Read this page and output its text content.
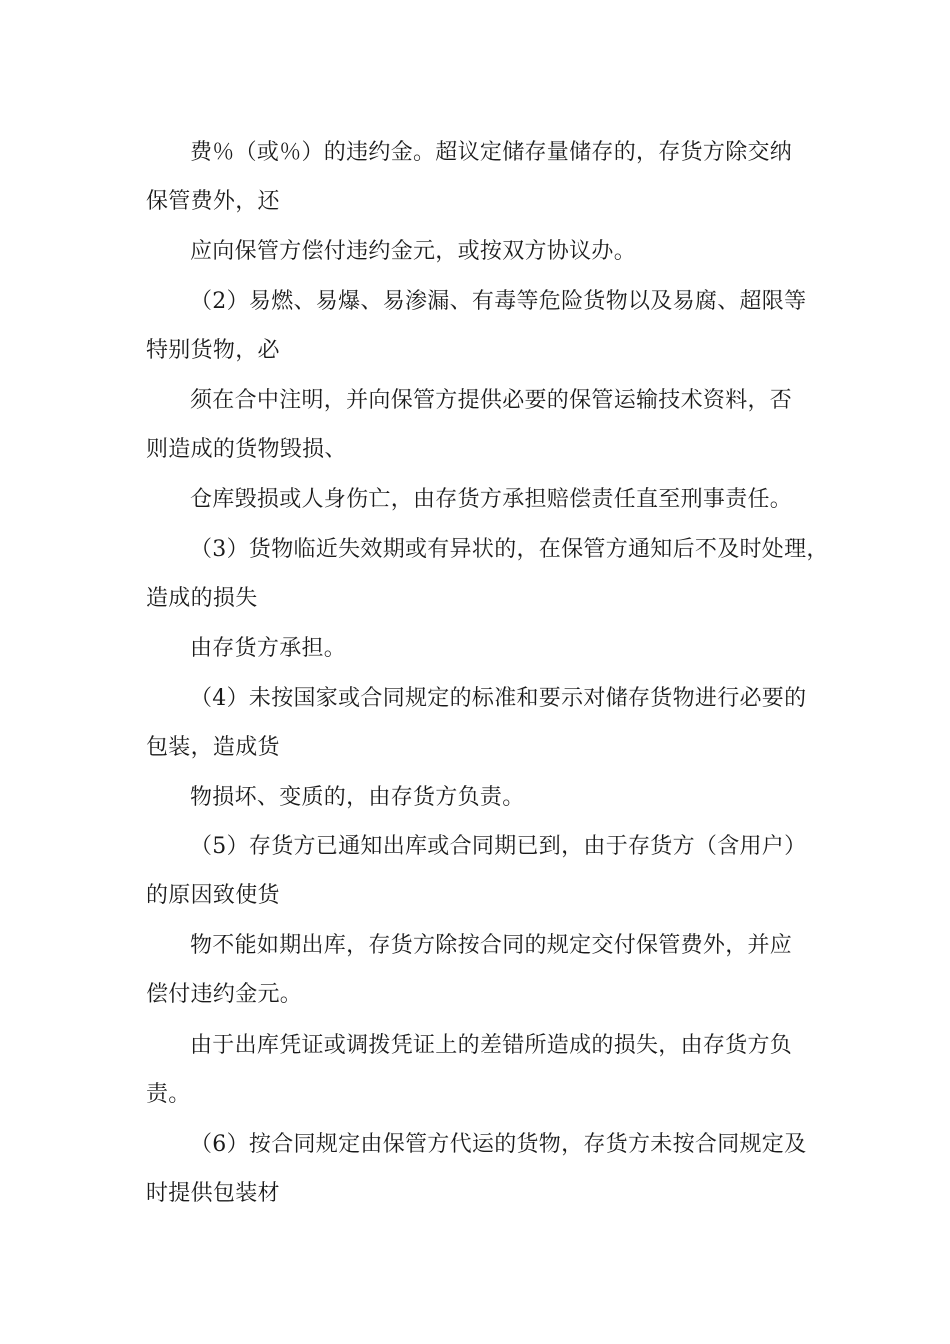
费％（或％）的违约金。超议定储存量储存的，存货方除交纳
保管费外，还

应向保管方偿付违约金元，或按双方协议办。

（2）易燃、易爆、易渗漏、有毒等危险货物以及易腐、超限等
特别货物，必

须在合中注明，并向保管方提供必要的保管运输技术资料，否
则造成的货物毁损、

仓库毁损或人身伤亡，由存货方承担赔偿责任直至刑事责任。

（3）货物临近失效期或有异状的，在保管方通知后不及时处理，
造成的损失

由存货方承担。

（4）未按国家或合同规定的标准和要示对储存货物进行必要的
包装，造成货

物损坏、变质的，由存货方负责。

（5）存货方已通知出库或合同期已到，由于存货方（含用户）
的原因致使货

物不能如期出库，存货方除按合同的规定交付保管费外，并应
偿付违约金元。

由于出库凭证或调拨凭证上的差错所造成的损失，由存货方负
责。

（6）按合同规定由保管方代运的货物，存货方未按合同规定及
时提供包装材
